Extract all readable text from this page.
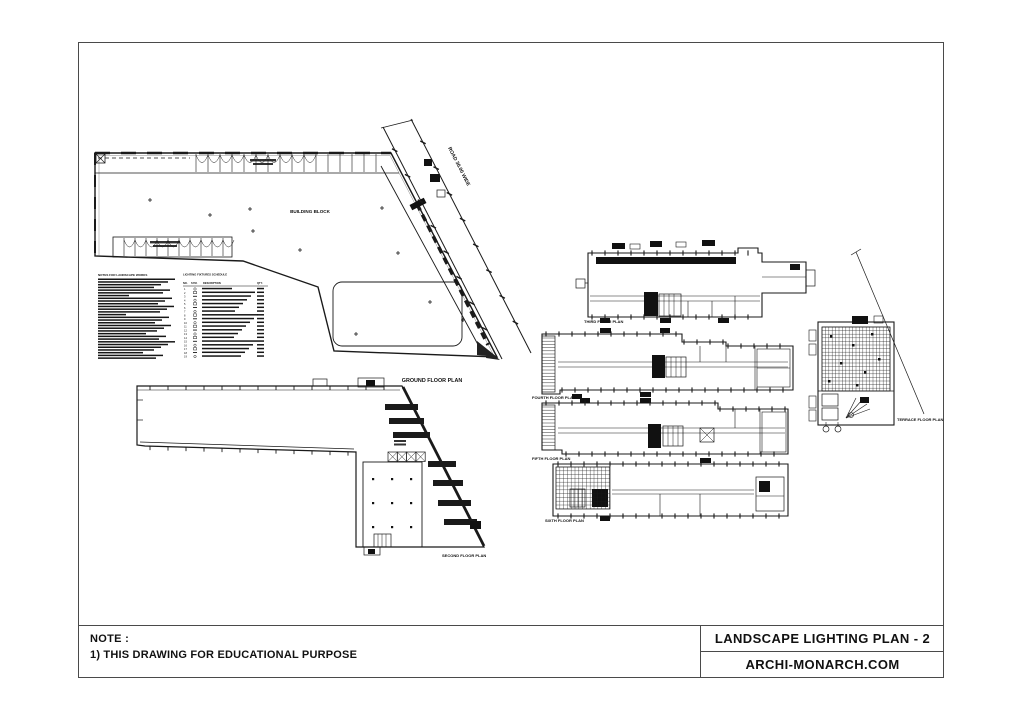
BUILDING BLOCK
GROUND FLOOR PLAN
ROAD 30.00 WIDE
SECOND FLOOR PLAN
THIRD FLOOR PLAN
FOURTH FLOOR PLAN
FIFTH FLOOR PLAN
SIXTH FLOOR PLAN
TERRACE FLOOR PLAN
NOTES FOR LANDSCAPE WORKS	LIGHTING FIXTURES SCHEDULE
NO. SYM. DESCRIPTION	QTY.
1
2
3
4
5
6
7
8
9
10
11
12
13
14
15
16
17
18
19
NOTE :
1) THIS DRAWING FOR EDUCATIONAL PURPOSE
LANDSCAPE LIGHTING PLAN - 2
ARCHI-MONARCH.COM
